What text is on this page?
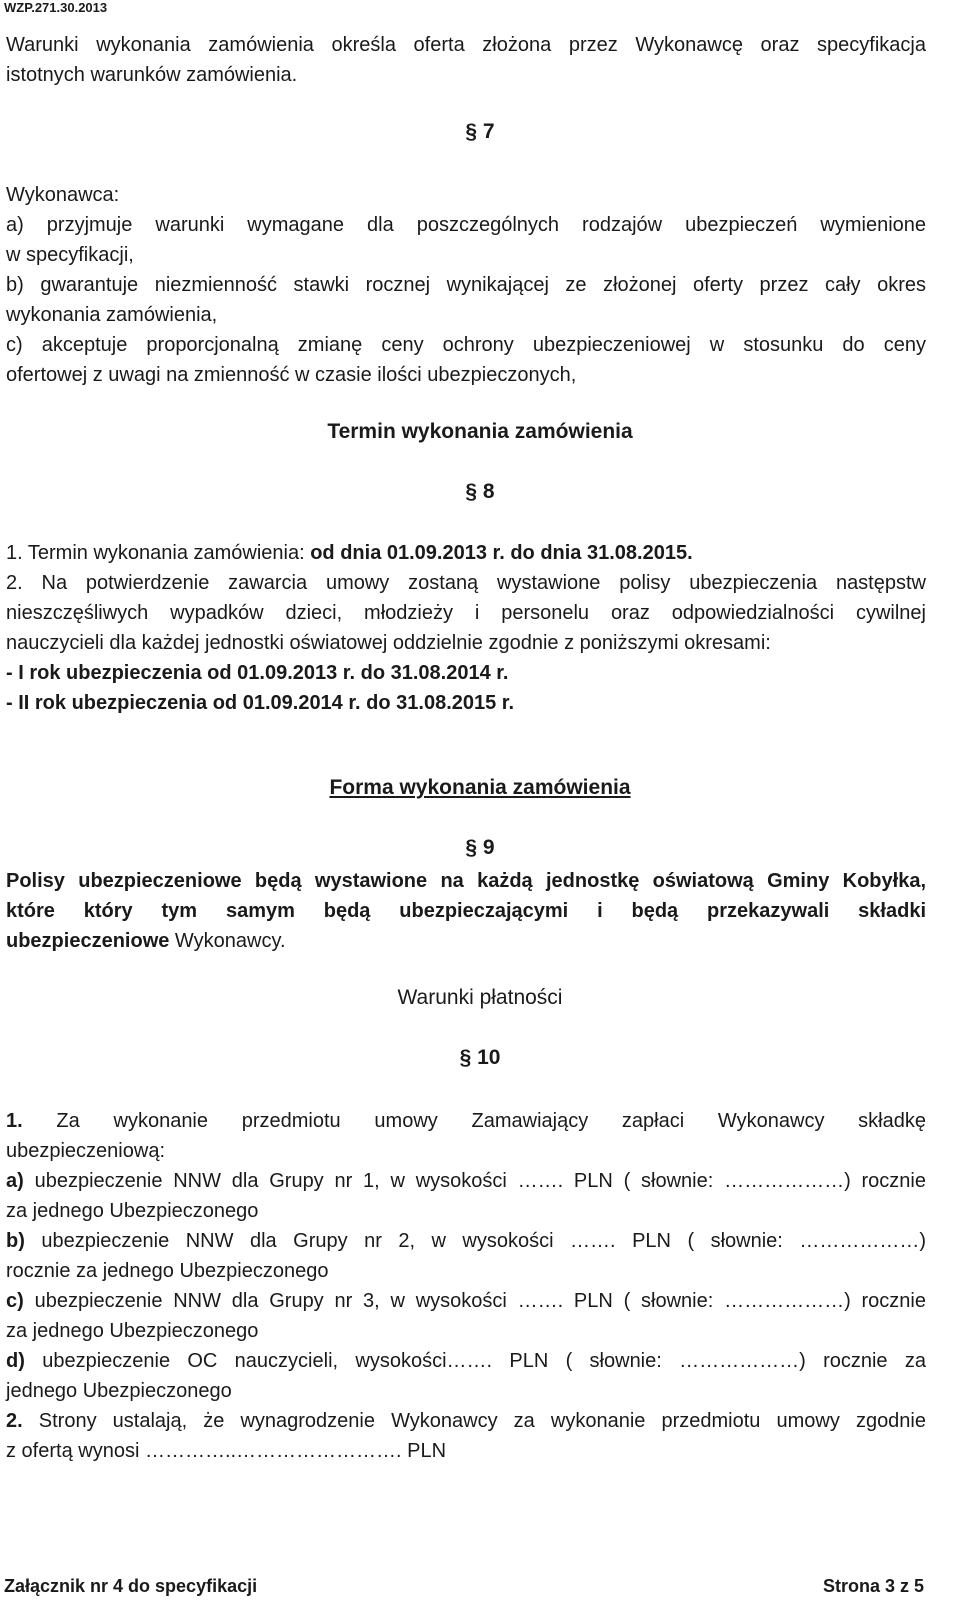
WZP.271.30.2013
Warunki wykonania zamówienia określa oferta złożona przez Wykonawcę oraz specyfikacja
istotnych warunków zamówienia.
§ 7
Wykonawca:
a) przyjmuje warunki wymagane dla poszczególnych rodzajów ubezpieczeń wymienione
w specyfikacji,
b) gwarantuje niezmienność stawki rocznej wynikającej ze złożonej oferty przez cały okres
wykonania zamówienia,
c) akceptuje proporcjonalną zmianę ceny ochrony ubezpieczeniowej w stosunku do ceny
ofertowej z uwagi na zmienność w czasie ilości ubezpieczonych,
Termin wykonania zamówienia
§ 8
1. Termin wykonania zamówienia: od dnia 01.09.2013 r. do dnia 31.08.2015.
2. Na potwierdzenie zawarcia umowy zostaną wystawione polisy ubezpieczenia następstw
nieszczęśliwych wypadków dzieci, młodzieży i personelu oraz odpowiedzialności cywilnej
nauczycieli dla każdej jednostki oświatowej oddzielnie zgodnie z poniższymi okresami:
- I rok ubezpieczenia od 01.09.2013 r. do 31.08.2014 r.
- II rok ubezpieczenia od 01.09.2014 r. do 31.08.2015 r.
Forma wykonania zamówienia
§ 9
Polisy ubezpieczeniowe będą wystawione na każdą jednostkę oświatową Gminy Kobyłka,
które który tym samym będą ubezpieczającymi i będą przekazywali składki
ubezpieczeniowe Wykonawcy.
Warunki płatności
§ 10
1. Za wykonanie przedmiotu umowy Zamawiający zapłaci Wykonawcy składkę
ubezpieczeniową:
a) ubezpieczenie NNW dla Grupy nr 1, w wysokości ……. PLN ( słownie: ………………) rocznie
za jednego Ubezpieczonego
b) ubezpieczenie NNW dla Grupy nr 2, w wysokości ……. PLN ( słownie: ………………)
rocznie za jednego Ubezpieczonego
c) ubezpieczenie NNW dla Grupy nr 3, w wysokości ……. PLN ( słownie: ………………) rocznie
za jednego Ubezpieczonego
d) ubezpieczenie OC nauczycieli, wysokości……. PLN ( słownie: ………………) rocznie za
jednego Ubezpieczonego
2. Strony ustalają, że wynagrodzenie Wykonawcy za wykonanie przedmiotu umowy zgodnie
z ofertą wynosi …………..……………………. PLN
Załącznik nr 4 do specyfikacji	Strona 3 z 5
